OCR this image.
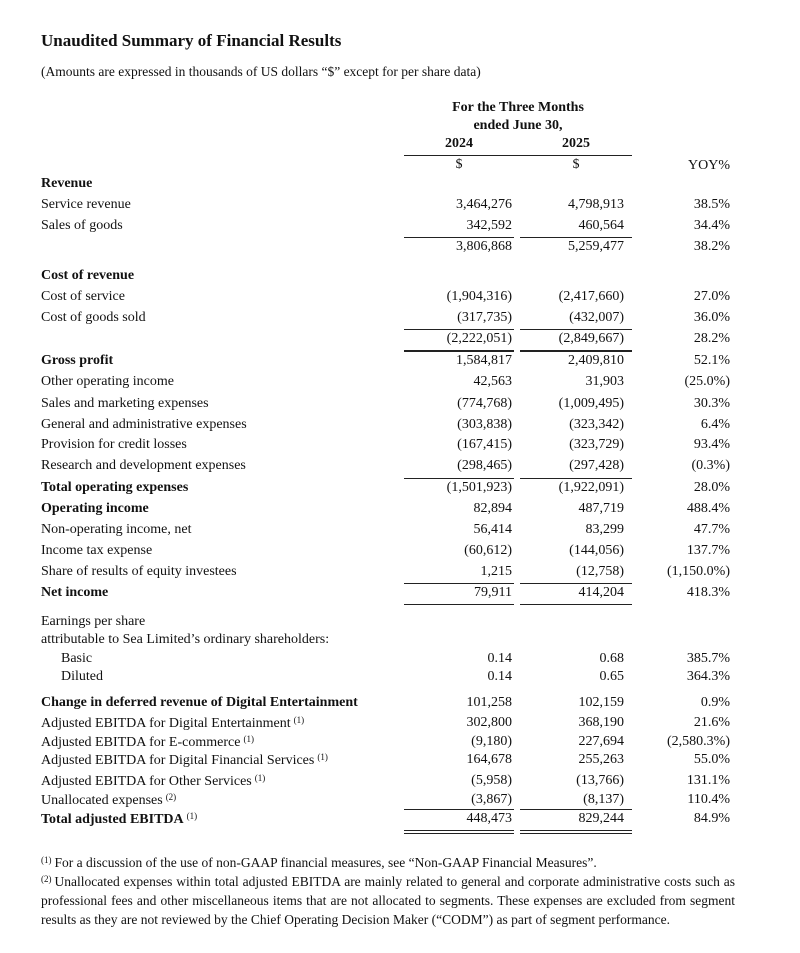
Unaudited Summary of Financial Results
(Amounts are expressed in thousands of US dollars “$” except for per share data)
For the Three Months
ended June 30,
2024	2025
$	$	YOY%
Revenue
Service revenue	3,464,276	4,798,913	38.5%
Sales of goods	342,592	460,564	34.4%
3,806,868	5,259,477	38.2%
Cost of revenue
Cost of service	(1,904,316)	(2,417,660)	27.0%
Cost of goods sold	(317,735)	(432,007)	36.0%
(2,222,051)	(2,849,667)	28.2%
Gross profit	1,584,817	2,409,810	52.1%
Other operating income	42,563	31,903	(25.0%)
Sales and marketing expenses	(774,768)	(1,009,495)	30.3%
General and administrative expenses	(303,838)	(323,342)	6.4%
Provision for credit losses	(167,415)	(323,729)	93.4%
Research and development expenses	(298,465)	(297,428)	(0.3%)
Total operating expenses	(1,501,923)	(1,922,091)	28.0%
Operating income	82,894	487,719	488.4%
Non-operating income, net	56,414	83,299	47.7%
Income tax expense	(60,612)	(144,056)	137.7%
Share of results of equity investees	1,215	(12,758)	(1,150.0%)
Net income	79,911	414,204	418.3%
Earnings per share
attributable to Sea Limited’s ordinary shareholders:
Basic	0.14	0.68	385.7%
Diluted	0.14	0.65	364.3%
Change in deferred revenue of Digital Entertainment	101,258	102,159	0.9%
Adjusted EBITDA for Digital Entertainment $^{(1)}$	302,800	368,190	21.6%
Adjusted EBITDA for E-commerce $^{(1)}$	(9,180)	227,694	(2,580.3%)
Adjusted EBITDA for Digital Financial Services $^{(1)}$	164,678	255,263	55.0%
Adjusted EBITDA for Other Services $^{(1)}$	(5,958)	(13,766)	131.1%
Unallocated expenses $^{(2)}$	(3,867)	(8,137)	110.4%
Total adjusted EBITDA $^{(1)}$	448,473	829,244	84.9%
$^{(1)}$ For a discussion of the use of non-GAAP financial measures, see “Non-GAAP Financial Measures”.
$^{(2)}$ Unallocated expenses within total adjusted EBITDA are mainly related to general and corporate administrative costs such as professional fees and other miscellaneous items that are not allocated to segments. These expenses are excluded from segment results as they are not reviewed by the Chief Operating Decision Maker (“CODM”) as part of segment performance.
